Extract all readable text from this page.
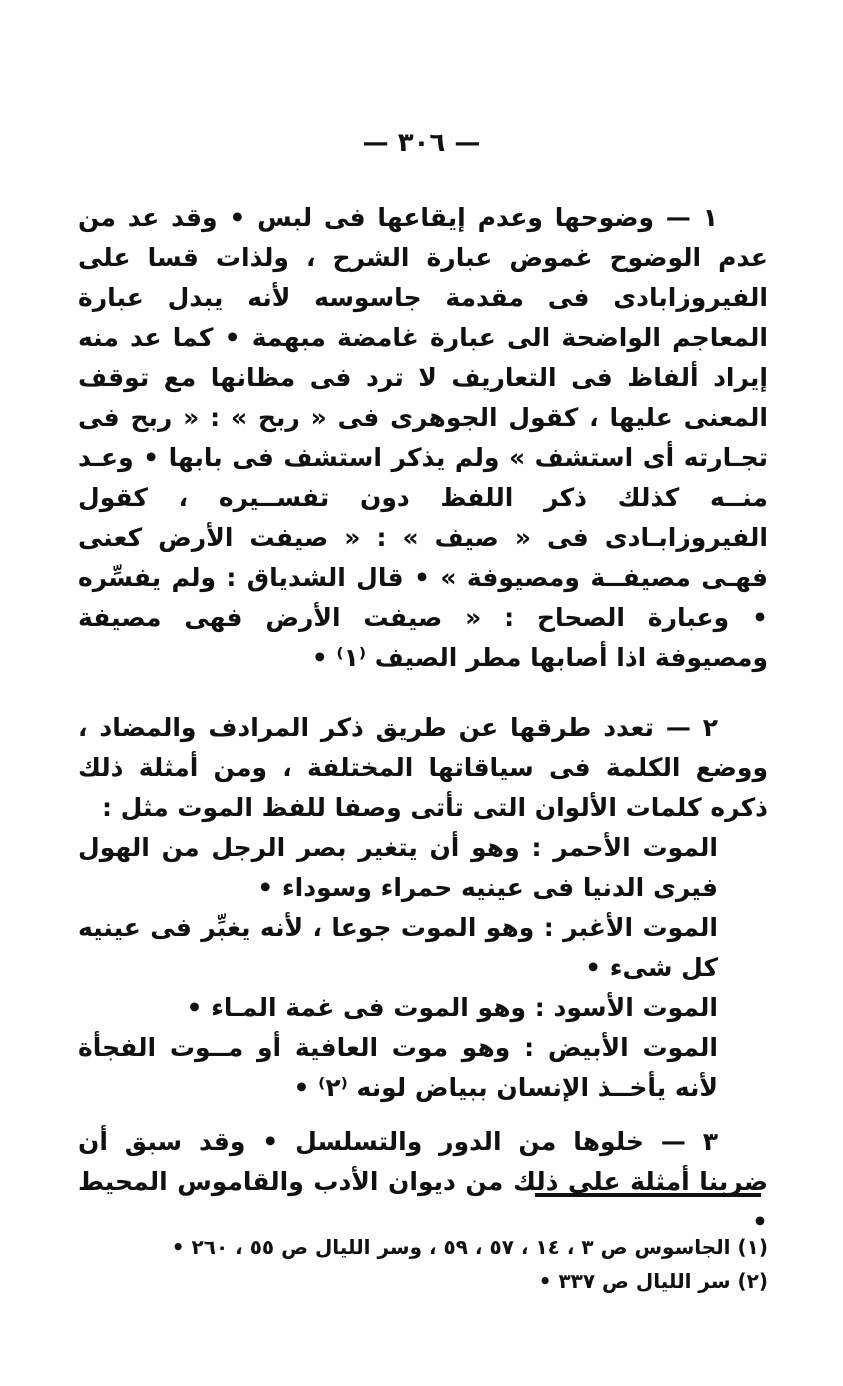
— ٣٠٦ —

١ — وضوحها وعدم إيقاعها فى لبس • وقد عد من عدم الوضوح غموض عبارة الشرح ، ولذات قسا على الفيروزابادى فى مقدمة جاسوسه لأنه يبدل عبارة المعاجم الواضحة الى عبارة غامضة مبهمة • كما عد منه إيراد ألفاظ فى التعاريف لا ترد فى مظانها مع توقف المعنى عليها ، كقول الجوهرى فى « ربح » : « ربح فى تجـارته أى استشف » ولم يذكر استشف فى بابها • وعـد منــه كذلك ذكر اللفظ دون تفســيره ، كقول الفيروزابـادى فى « صيف » : « صيفت الأرض كعنى فهـى مصيفــة ومصيوفة » • قال الشدياق : ولم يفسِّره • وعبارة الصحاح : « صيفت الأرض فهى مصيفة ومصيوفة اذا أصابها مطر الصيف ⁽١⁾ •

٢ — تعدد طرقها عن طريق ذكر المرادف والمضاد ، ووضع الكلمة فى سياقاتها المختلفة ، ومن أمثلة ذلك ذكره كلمات الألوان التى تأتى وصفا للفظ الموت مثل :

الموت الأحمر : وهو أن يتغير بصر الرجل من الهول فيرى الدنيا فى عينيه حمراء وسوداء •

الموت الأغبر : وهو الموت جوعا ، لأنه يغبِّر فى عينيه كل شىء •

الموت الأسود : وهو الموت فى غمة المـاء •

الموت الأبيض : وهو موت العافية أو مــوت الفجأة لأنه يأخــذ الإنسان ببياض لونه ⁽٢⁾ •

٣ — خلوها من الدور والتسلسل • وقد سبق أن ضربنا أمثلة على ذلك من ديوان الأدب والقاموس المحيط •

(١) الجاسوس ص ٣ ، ١٤ ، ٥٧ ، ٥٩ ، وسر الليال ص ٥٥ ، ٢٦٠ •

(٢) سر الليال ص ٣٣٧ •
